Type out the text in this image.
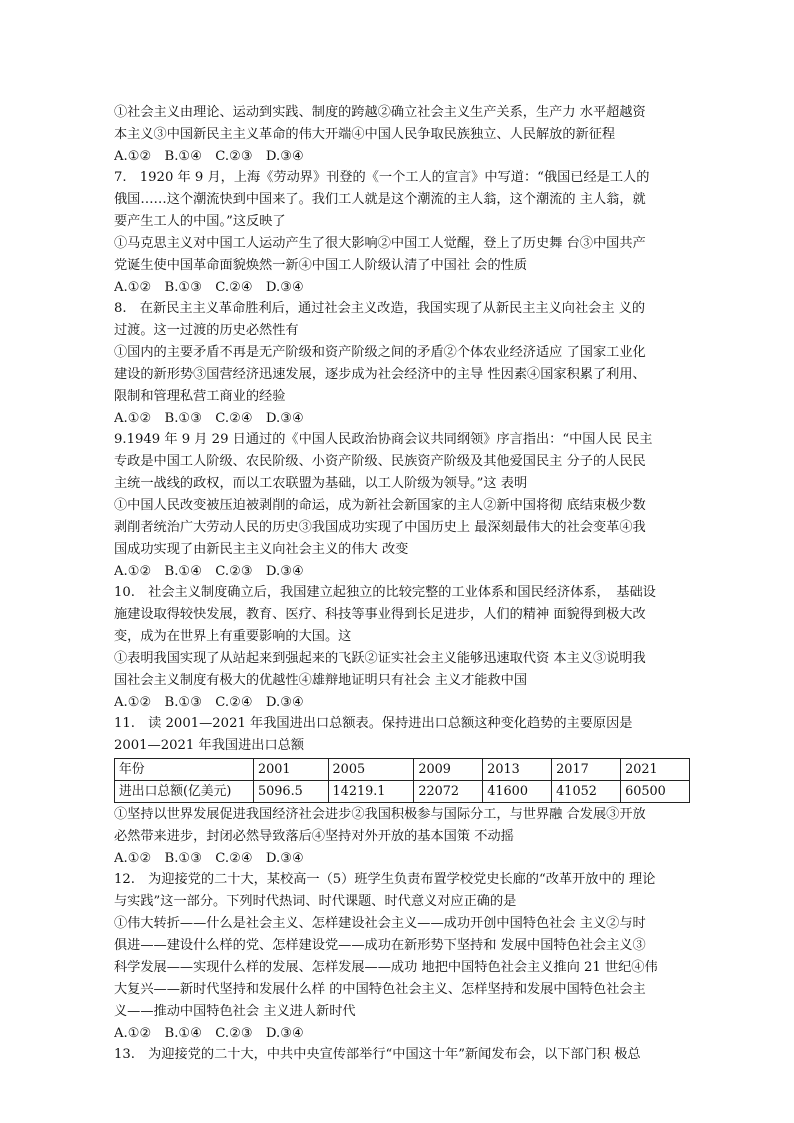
①社会主义由理论、运动到实践、制度的跨越②确立社会主义生产关系，生产力 水平超越资
本主义③中国新民主主义革命的伟大开端④中国人民争取民族独立、人民解放的新征程
A.①②　B.①④　C.②③　D.③④
7.　1920 年 9 月，上海《劳动界》刊登的《一个工人的宣言》中写道：“俄国已经是工人的
俄国……这个潮流快到中国来了。我们工人就是这个潮流的主人翁，这个潮流的 主人翁，就
要产生工人的中国。”这反映了
①马克思主义对中国工人运动产生了很大影响②中国工人觉醒，登上了历史舞 台③中国共产
党诞生使中国革命面貌焕然一新④中国工人阶级认清了中国社 会的性质
A.①②　B.①③　C.②④　D.③④
8.　在新民主主义革命胜利后，通过社会主义改造，我国实现了从新民主主义向社会主 义的
过渡。这一过渡的历史必然性有
①国内的主要矛盾不再是无产阶级和资产阶级之间的矛盾②个体农业经济适应 了国家工业化
建设的新形势③国营经济迅速发展，逐步成为社会经济中的主导 性因素④国家积累了利用、
限制和管理私营工商业的经验
A.①②　B.①③　C.②④　D.③④
9.1949 年 9 月 29 日通过的《中国人民政治协商会议共同纲领》序言指出：“中国人民 民主
专政是中国工人阶级、农民阶级、小资产阶级、民族资产阶级及其他爱国民主 分子的人民民
主统一战线的政权，而以工农联盟为基础，以工人阶级为领导。”这 表明
①中国人民改变被压迫被剥削的命运，成为新社会新国家的主人②新中国将彻 底结束极少数
剥削者统治广大劳动人民的历史③我国成功实现了中国历史上 最深刻最伟大的社会变革④我
国成功实现了由新民主主义向社会主义的伟大 改变
A.①②　B.①④　C.②③　D.③④
10.　社会主义制度确立后，我国建立起独立的比较完整的工业体系和国民经济体系，　基础设
施建设取得较快发展，教育、医疗、科技等事业得到长足进步，人们的精神 面貌得到极大改
变，成为在世界上有重要影响的大国。这
①表明我国实现了从站起来到强起来的飞跃②证实社会主义能够迅速取代资 本主义③说明我
国社会主义制度有极大的优越性④雄辩地证明只有社会 主义才能救中国
A.①②　B.①③　C.②④　D.③④
11.　读 2001—2021 年我国进出口总额表。保持进出口总额这种变化趋势的主要原因是
2001—2021 年我国进出口总额
年份	2001	2005	2009	2013	2017	2021
进出口总额(亿美元)	5096.5	14219.1	22072	41600	41052	60500
①坚持以世界发展促进我国经济社会进步②我国积极参与国际分工，与世界融 合发展③开放
必然带来进步，封闭必然导致落后④坚持对外开放的基本国策 不动摇
A.①②　B.①③　C.②④　D.③④
12.　为迎接党的二十大，某校高一（5）班学生负责布置学校党史长廊的“改革开放中的 理论
与实践”这一部分。下列时代热词、时代课题、时代意义对应正确的是
①伟大转折——什么是社会主义、怎样建设社会主义——成功开创中国特色社会 主义②与时
俱进——建设什么样的党、怎样建设党——成功在新形势下坚持和 发展中国特色社会主义③
科学发展——实现什么样的发展、怎样发展——成功 地把中国特色社会主义推向 21 世纪④伟
大复兴——新时代坚持和发展什么样 的中国特色社会主义、怎样坚持和发展中国特色社会主
义——推动中国特色社会 主义进人新时代
A.①②　B.①④　C.②③　D.③④
13.　为迎接党的二十大，中共中央宣传部举行“中国这十年”新闻发布会，以下部门积 极总
